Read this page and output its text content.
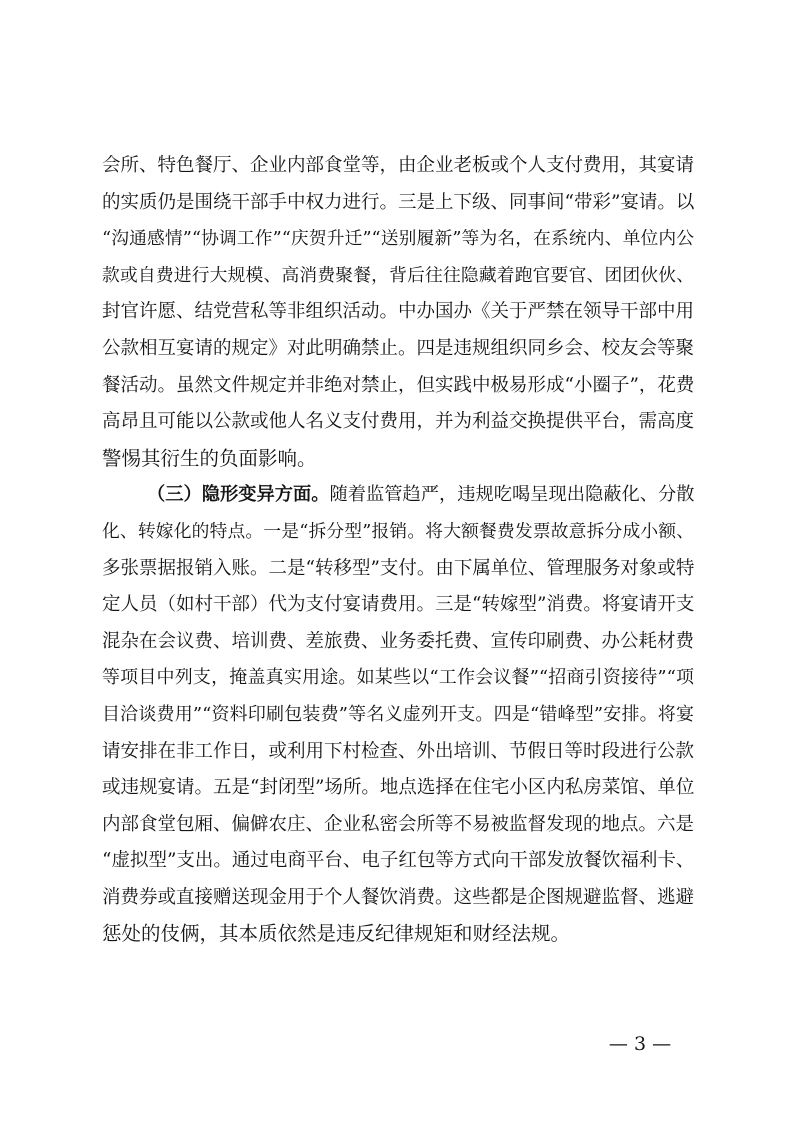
会所、特色餐厅、企业内部食堂等，由企业老板或个人支付费用，其宴请
的实质仍是围绕干部手中权力进行。三是上下级、同事间“带彩”宴请。以
“沟通感情”“协调工作”“庆贺升迁”“送别履新”等为名，在系统内、单位内公
款或自费进行大规模、高消费聚餐，背后往往隐藏着跑官要官、团团伙伙、
封官许愿、结党营私等非组织活动。中办国办《关于严禁在领导干部中用
公款相互宴请的规定》对此明确禁止。四是违规组织同乡会、校友会等聚
餐活动。虽然文件规定并非绝对禁止，但实践中极易形成“小圈子”，花费
高昂且可能以公款或他人名义支付费用，并为利益交换提供平台，需高度
警惕其衍生的负面影响。
（三）隐形变异方面。随着监管趋严，违规吃喝呈现出隐蔽化、分散
化、转嫁化的特点。一是“拆分型”报销。将大额餐费发票故意拆分成小额、
多张票据报销入账。二是“转移型”支付。由下属单位、管理服务对象或特
定人员（如村干部）代为支付宴请费用。三是“转嫁型”消费。将宴请开支
混杂在会议费、培训费、差旅费、业务委托费、宣传印刷费、办公耗材费
等项目中列支，掩盖真实用途。如某些以“工作会议餐”“招商引资接待”“项
目洽谈费用”“资料印刷包装费”等名义虚列开支。四是“错峰型”安排。将宴
请安排在非工作日，或利用下村检查、外出培训、节假日等时段进行公款
或违规宴请。五是“封闭型”场所。地点选择在住宅小区内私房菜馆、单位
内部食堂包厢、偏僻农庄、企业私密会所等不易被监督发现的地点。六是
“虚拟型”支出。通过电商平台、电子红包等方式向干部发放餐饮福利卡、
消费券或直接赠送现金用于个人餐饮消费。这些都是企图规避监督、逃避
惩处的伎俩，其本质依然是违反纪律规矩和财经法规。
— 3 —
